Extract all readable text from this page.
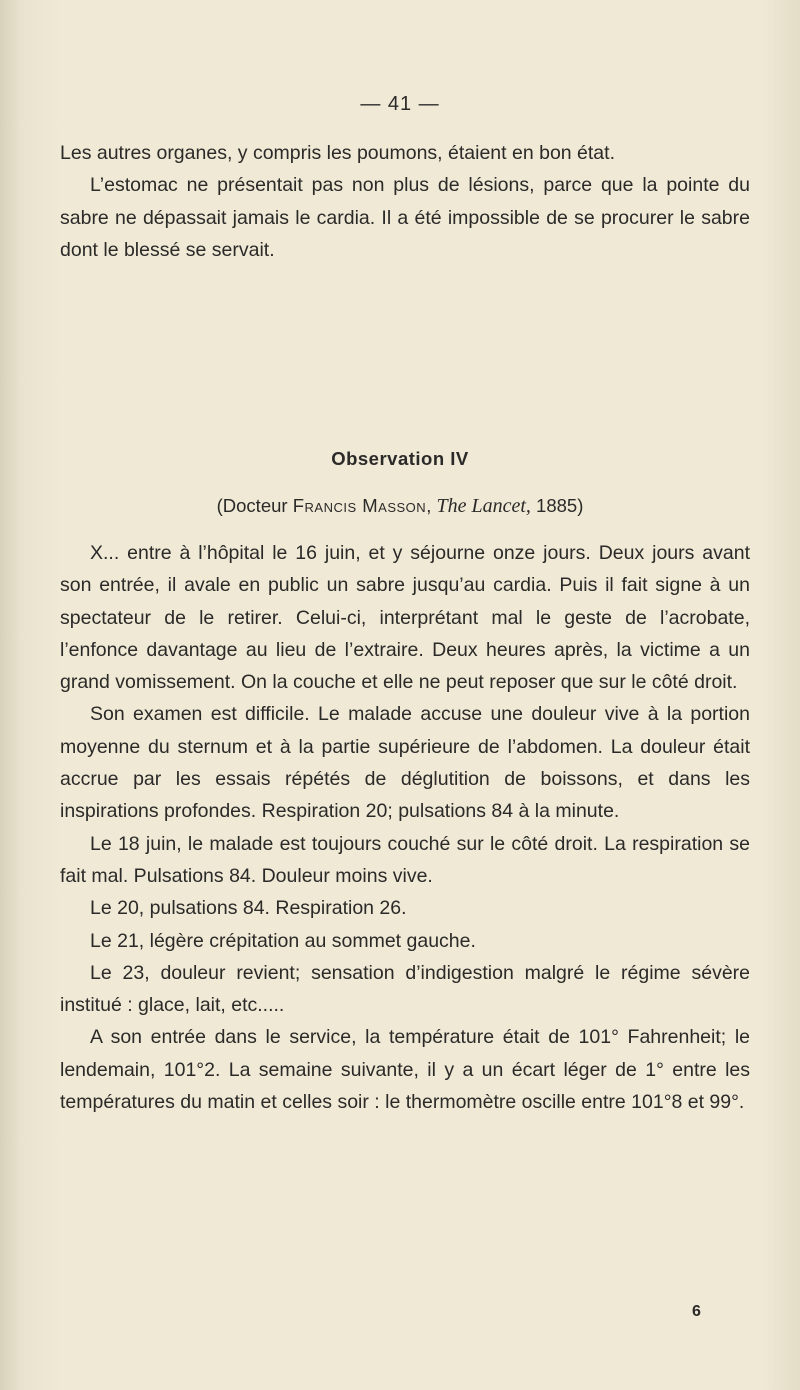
— 41 —

Les autres organes, y compris les poumons, étaient en bon état.

L’estomac ne présentait pas non plus de lésions, parce que la pointe du sabre ne dépassait jamais le cardia. Il a été impossible de se procurer le sabre dont le blessé se servait.

Observation IV
(Docteur Francis Masson, The Lancet, 1885)

X... entre à l’hôpital le 16 juin, et y séjourne onze jours. Deux jours avant son entrée, il avale en public un sabre jusqu’au cardia. Puis il fait signe à un spectateur de le retirer. Celui-ci, interprétant mal le geste de l’acrobate, l’enfonce davantage au lieu de l’extraire. Deux heures après, la victime a un grand vomissement. On la couche et elle ne peut reposer que sur le côté droit.

Son examen est difficile. Le malade accuse une douleur vive à la portion moyenne du sternum et à la partie supérieure de l’abdomen. La douleur était accrue par les essais répétés de déglutition de boissons, et dans les inspirations profondes. Respiration 20; pulsations 84 à la minute.

Le 18 juin, le malade est toujours couché sur le côté droit. La respiration se fait mal. Pulsations 84. Douleur moins vive.

Le 20, pulsations 84. Respiration 26.

Le 21, légère crépitation au sommet gauche.

Le 23, douleur revient; sensation d’indigestion malgré le régime sévère institué : glace, lait, etc.....

A son entrée dans le service, la température était de 101° Fahrenheit; le lendemain, 101°2. La semaine suivante, il y a un écart léger de 1° entre les températures du matin et celles soir : le thermomètre oscille entre 101°8 et 99°.

6
